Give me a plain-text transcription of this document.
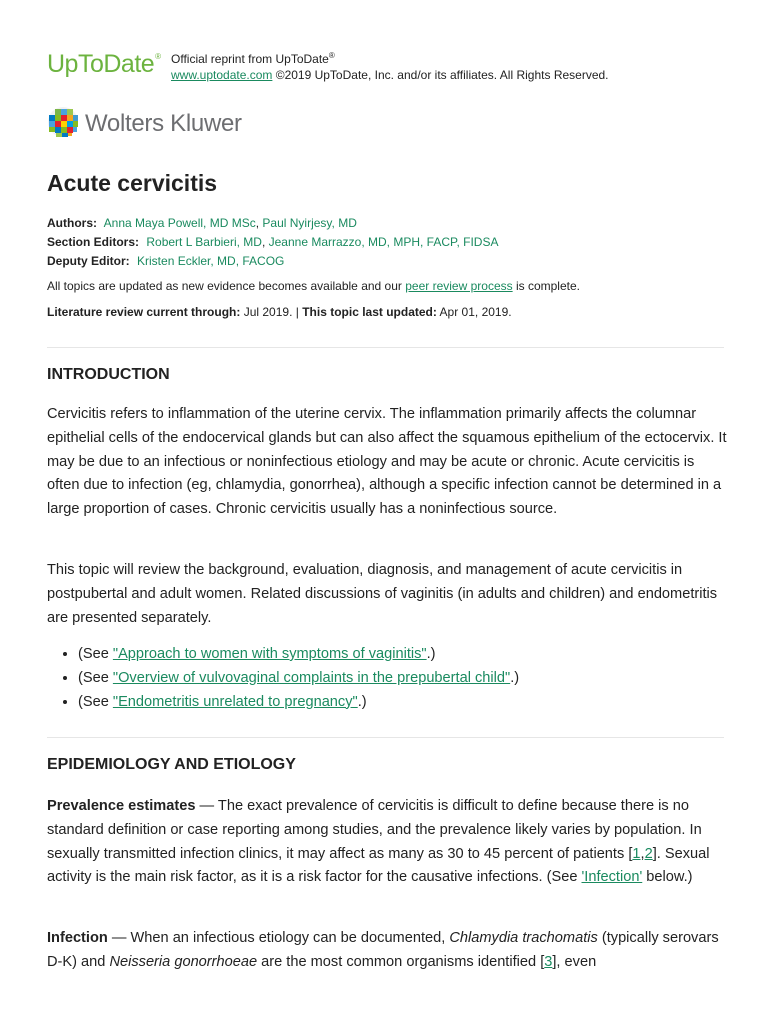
UpToDate® Official reprint from UpToDate®
www.uptodate.com ©2019 UpToDate, Inc. and/or its affiliates. All Rights Reserved.
Wolters Kluwer
Acute cervicitis
Authors: Anna Maya Powell, MD MSc, Paul Nyirjesy, MD
Section Editors: Robert L Barbieri, MD, Jeanne Marrazzo, MD, MPH, FACP, FIDSA
Deputy Editor: Kristen Eckler, MD, FACOG
All topics are updated as new evidence becomes available and our peer review process is complete.
Literature review current through: Jul 2019. | This topic last updated: Apr 01, 2019.
INTRODUCTION

Cervicitis refers to inflammation of the uterine cervix. The inflammation primarily affects the columnar epithelial cells of the endocervical glands but can also affect the squamous epithelium of the ectocervix. It may be due to an infectious or noninfectious etiology and may be acute or chronic. Acute cervicitis is often due to infection (eg, chlamydia, gonorrhea), although a specific infection cannot be determined in a large proportion of cases. Chronic cervicitis usually has a noninfectious source.

This topic will review the background, evaluation, diagnosis, and management of acute cervicitis in postpubertal and adult women. Related discussions of vaginitis (in adults and children) and endometritis are presented separately.

• (See "Approach to women with symptoms of vaginitis".)
• (See "Overview of vulvovaginal complaints in the prepubertal child".)
• (See "Endometritis unrelated to pregnancy".)
EPIDEMIOLOGY AND ETIOLOGY

Prevalence estimates — The exact prevalence of cervicitis is difficult to define because there is no standard definition or case reporting among studies, and the prevalence likely varies by population. In sexually transmitted infection clinics, it may affect as many as 30 to 45 percent of patients [1,2]. Sexual activity is the main risk factor, as it is a risk factor for the causative infections. (See 'Infection' below.)

Infection — When an infectious etiology can be documented, Chlamydia trachomatis (typically serovars D-K) and Neisseria gonorrhoeae are the most common organisms identified [3], even
